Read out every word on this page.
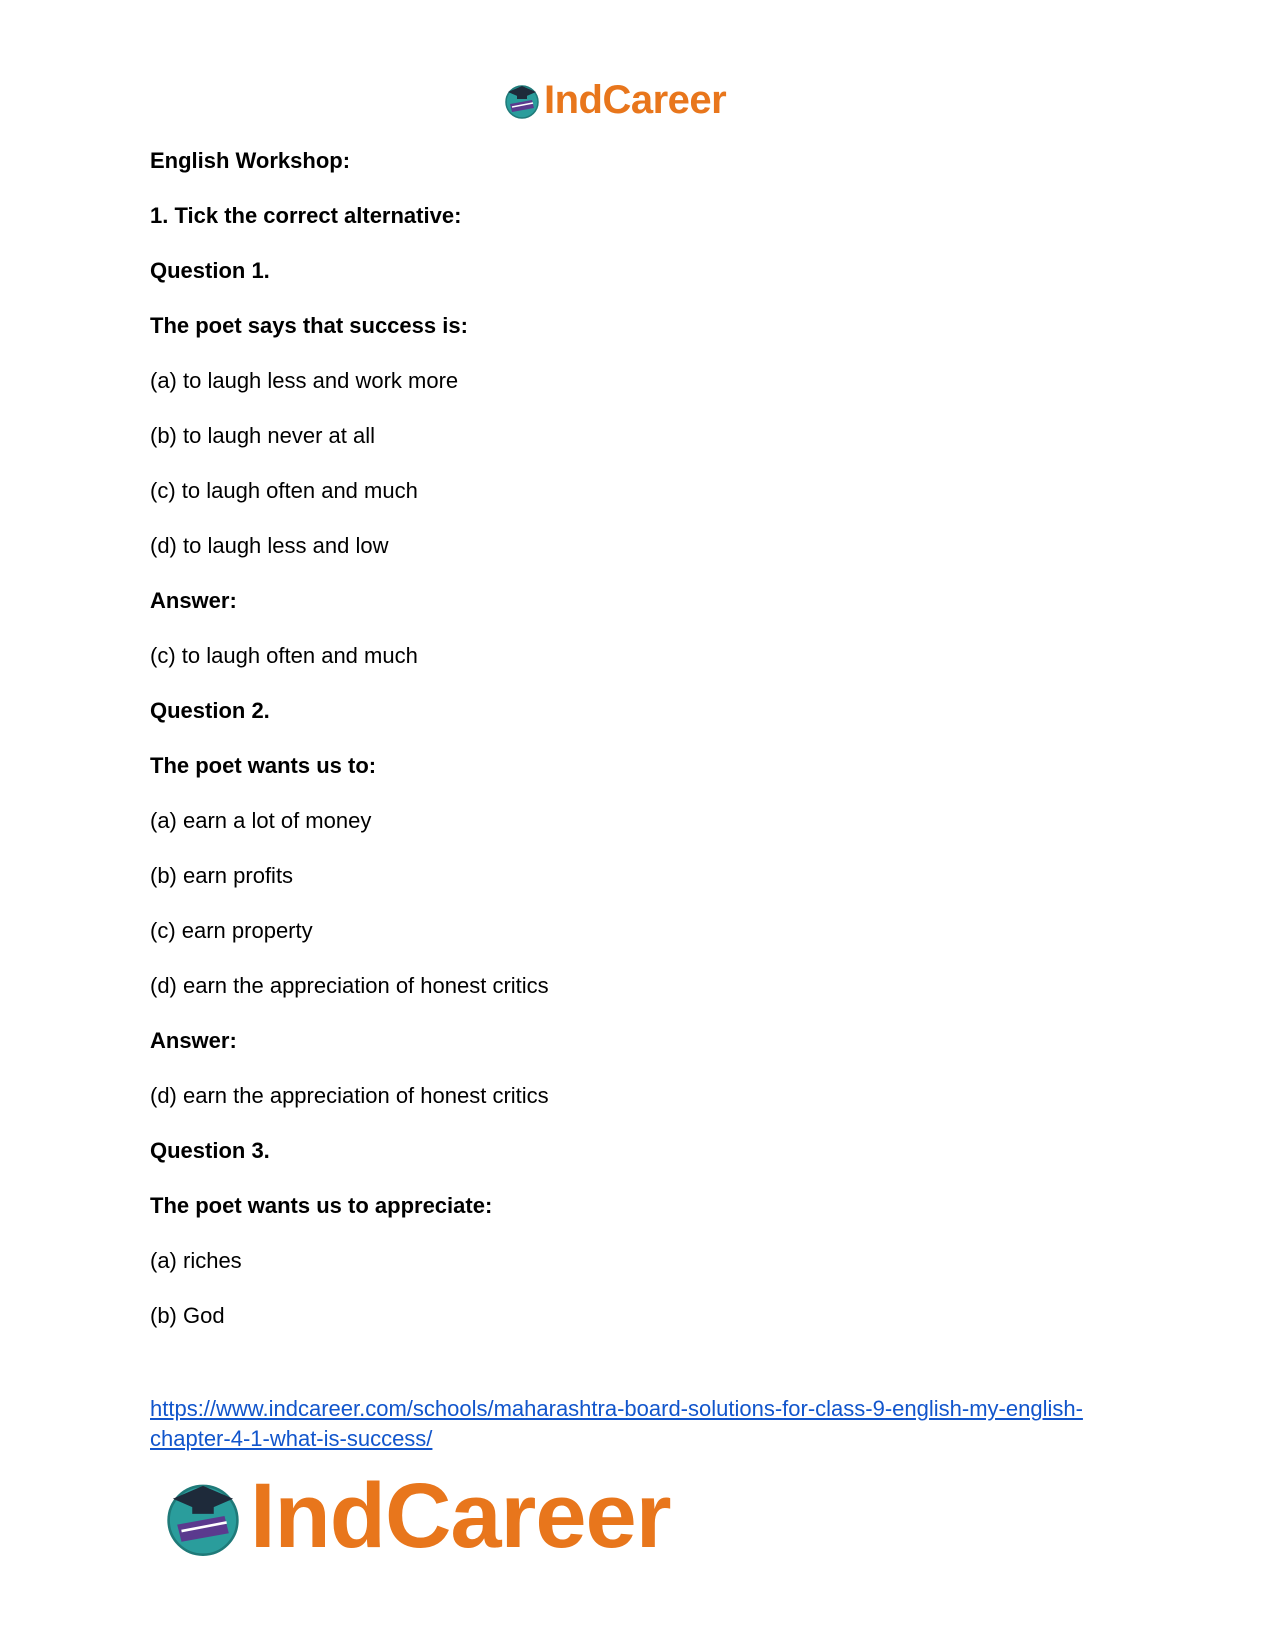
IndCareer
English Workshop:
1. Tick the correct alternative:
Question 1.
The poet says that success is:
(a) to laugh less and work more
(b) to laugh never at all
(c) to laugh often and much
(d) to laugh less and low
Answer:
(c) to laugh often and much
Question 2.
The poet wants us to:
(a) earn a lot of money
(b) earn profits
(c) earn property
(d) earn the appreciation of honest critics
Answer:
(d) earn the appreciation of honest critics
Question 3.
The poet wants us to appreciate:
(a) riches
(b) God
https://www.indcareer.com/schools/maharashtra-board-solutions-for-class-9-english-my-english-chapter-4-1-what-is-success/
IndCareer
